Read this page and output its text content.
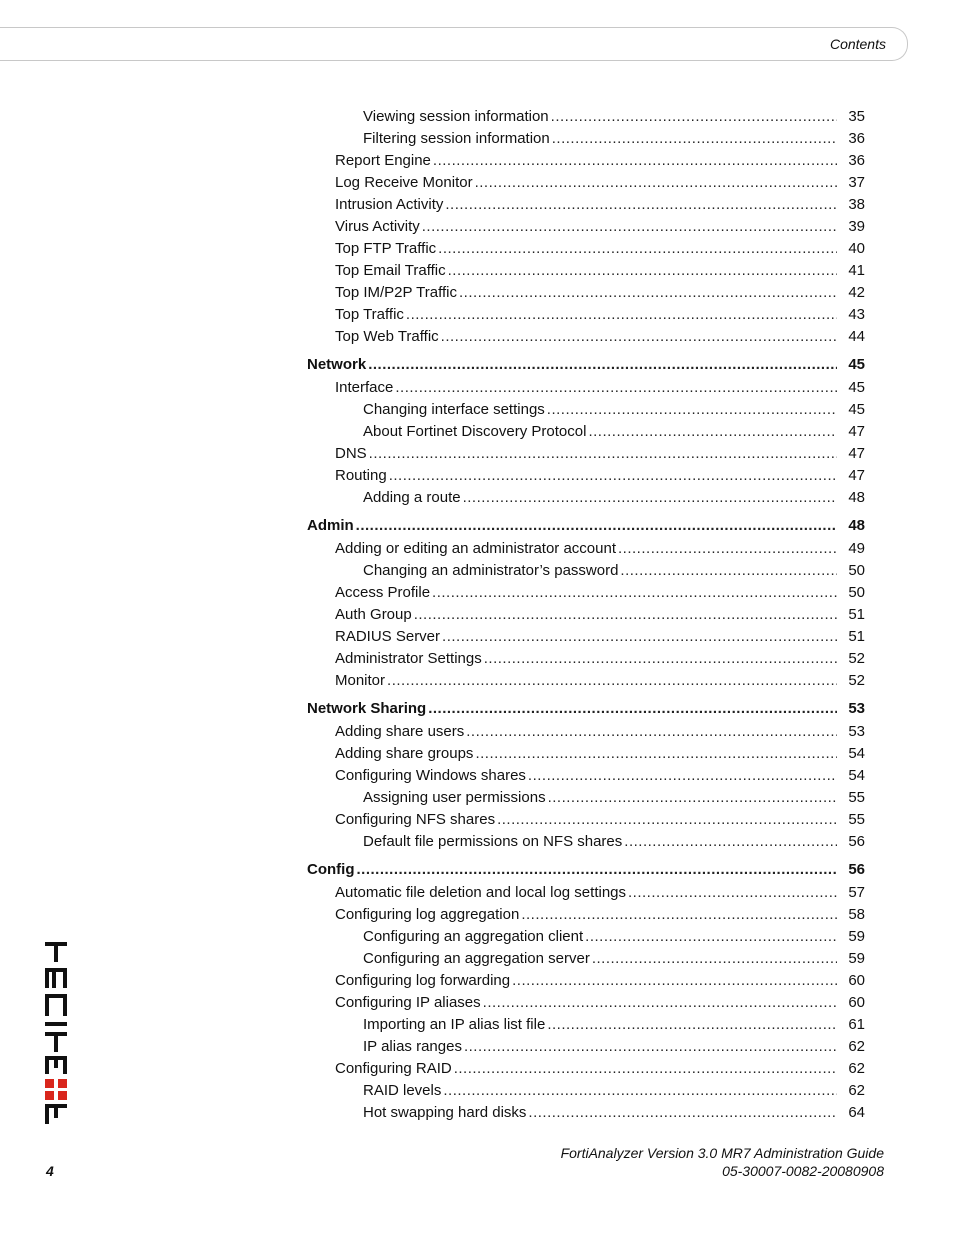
Contents
Viewing session information .....	35
Filtering session information .....	36
Report Engine .....	36
Log Receive Monitor .....	37
Intrusion Activity .....	38
Virus Activity .....	39
Top FTP Traffic .....	40
Top Email Traffic .....	41
Top IM/P2P Traffic .....	42
Top Traffic .....	43
Top Web Traffic .....	44
Network .....	45
Interface .....	45
Changing interface settings .....	45
About Fortinet Discovery Protocol .....	47
DNS .....	47
Routing .....	47
Adding a route .....	48
Admin .....	48
Adding or editing an administrator account .....	49
Changing an administrator’s password .....	50
Access Profile .....	50
Auth Group .....	51
RADIUS Server .....	51
Administrator Settings .....	52
Monitor .....	52
Network Sharing .....	53
Adding share users .....	53
Adding share groups .....	54
Configuring Windows shares .....	54
Assigning user permissions .....	55
Configuring NFS shares .....	55
Default file permissions on NFS shares .....	56
Config .....	56
Automatic file deletion and local log settings .....	57
Configuring log aggregation .....	58
Configuring an aggregation client .....	59
Configuring an aggregation server .....	59
Configuring log forwarding .....	60
Configuring IP aliases .....	60
Importing an IP alias list file .....	61
IP alias ranges .....	62
Configuring RAID .....	62
RAID levels .....	62
Hot swapping hard disks .....	64
FortiAnalyzer Version 3.0 MR7 Administration Guide
05-30007-0082-20080908
4
